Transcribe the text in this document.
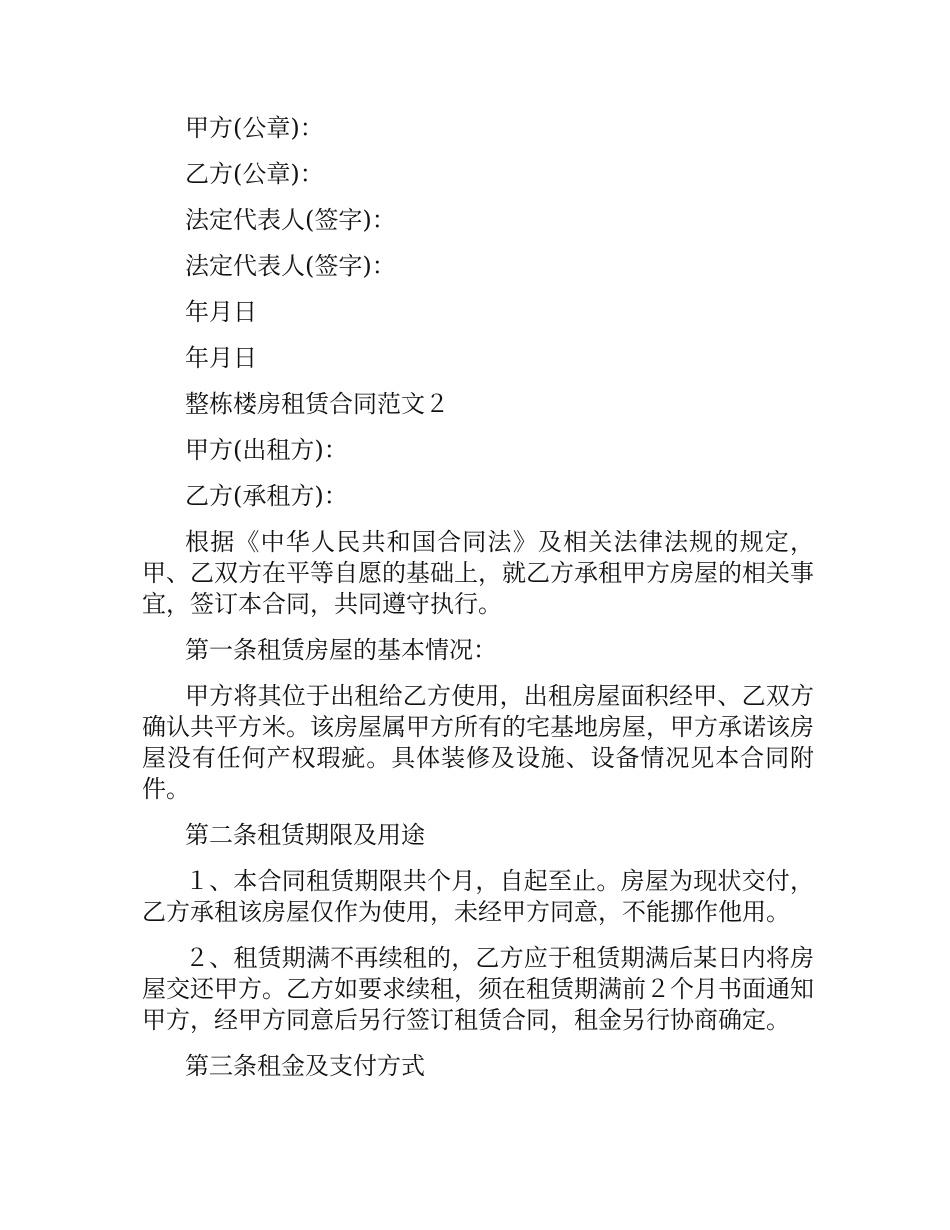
甲方(公章)：

乙方(公章)：

法定代表人(签字)：

法定代表人(签字)：

年月日

年月日

整栋楼房租赁合同范文２

甲方(出租方)：

乙方(承租方)：

根据《中华人民共和国合同法》及相关法律法规的规定，甲、乙双方在平等自愿的基础上，就乙方承租甲方房屋的相关事宜，签订本合同，共同遵守执行。

第一条租赁房屋的基本情况：

甲方将其位于出租给乙方使用，出租房屋面积经甲、乙双方确认共平方米。该房屋属甲方所有的宅基地房屋，甲方承诺该房屋没有任何产权瑕疵。具体装修及设施、设备情况见本合同附件。

第二条租赁期限及用途

１、本合同租赁期限共个月，自起至止。房屋为现状交付，乙方承租该房屋仅作为使用，未经甲方同意，不能挪作他用。

２、租赁期满不再续租的，乙方应于租赁期满后某日内将房屋交还甲方。乙方如要求续租，须在租赁期满前２个月书面通知甲方，经甲方同意后另行签订租赁合同，租金另行协商确定。

第三条租金及支付方式
